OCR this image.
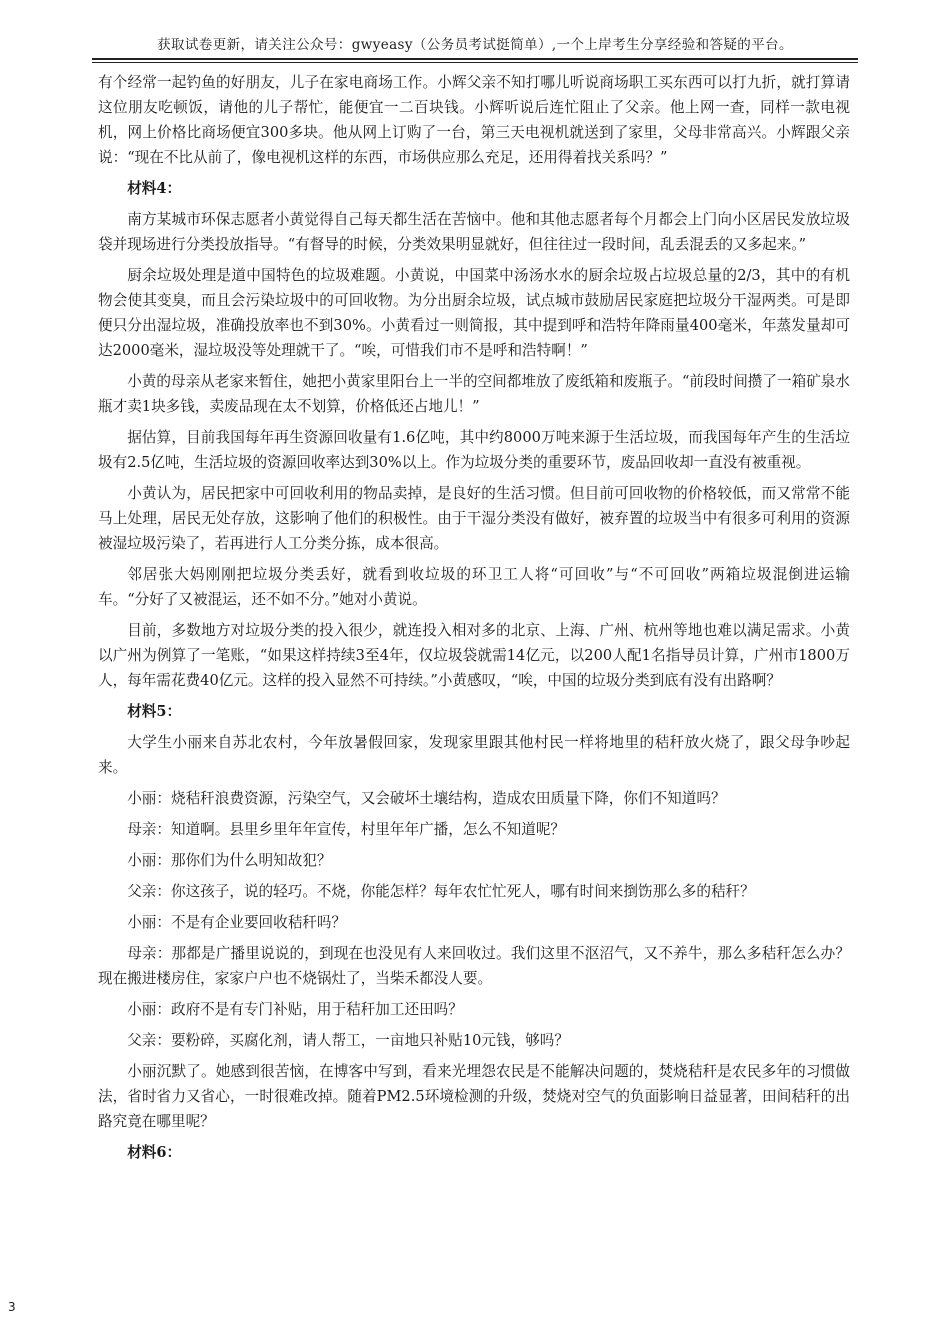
获取试卷更新，请关注公众号：gwyeasy（公务员考试挺简单）,一个上岸考生分享经验和答疑的平台。

有个经常一起钓鱼的好朋友，儿子在家电商场工作。小辉父亲不知打哪儿听说商场职工买东西可以打九折，就打算请这位朋友吃顿饭，请他的儿子帮忙，能便宜一二百块钱。小辉听说后连忙阻止了父亲。他上网一查，同样一款电视机，网上价格比商场便宜300多块。他从网上订购了一台，第三天电视机就送到了家里，父母非常高兴。小辉跟父亲说：“现在不比从前了，像电视机这样的东西，市场供应那么充足，还用得着找关系吗？”

材料4：

南方某城市环保志愿者小黄觉得自己每天都生活在苦恼中。他和其他志愿者每个月都会上门向小区居民发放垃圾袋并现场进行分类投放指导。“有督导的时候，分类效果明显就好，但往往过一段时间，乱丢混丢的又多起来。”

厨余垃圾处理是道中国特色的垃圾难题。小黄说，中国菜中汤汤水水的厨余垃圾占垃圾总量的2/3，其中的有机物会使其变臭，而且会污染垃圾中的可回收物。为分出厨余垃圾，试点城市鼓励居民家庭把垃圾分干湿两类。可是即便只分出湿垃圾，准确投放率也不到30%。小黄看过一则简报，其中提到呼和浩特年降雨量400毫米，年蒸发量却可达2000毫米，湿垃圾没等处理就干了。“唉，可惜我们市不是呼和浩特啊！”

小黄的母亲从老家来暂住，她把小黄家里阳台上一半的空间都堆放了废纸箱和废瓶子。“前段时间攒了一箱矿泉水瓶才卖1块多钱，卖废品现在太不划算，价格低还占地儿！”

据估算，目前我国每年再生资源回收量有1.6亿吨，其中约8000万吨来源于生活垃圾，而我国每年产生的生活垃圾有2.5亿吨，生活垃圾的资源回收率达到30%以上。作为垃圾分类的重要环节，废品回收却一直没有被重视。

小黄认为，居民把家中可回收利用的物品卖掉，是良好的生活习惯。但目前可回收物的价格较低，而又常常不能马上处理，居民无处存放，这影响了他们的积极性。由于干湿分类没有做好，被弃置的垃圾当中有很多可利用的资源被湿垃圾污染了，若再进行人工分类分拣，成本很高。

邻居张大妈刚刚把垃圾分类丢好，就看到收垃圾的环卫工人将“可回收”与“不可回收”两箱垃圾混倒进运输车。“分好了又被混运，还不如不分。”她对小黄说。

目前，多数地方对垃圾分类的投入很少，就连投入相对多的北京、上海、广州、杭州等地也难以满足需求。小黄以广州为例算了一笔账，“如果这样持续3至4年，仅垃圾袋就需14亿元，以200人配1名指导员计算，广州市1800万人，每年需花费40亿元。这样的投入显然不可持续。”小黄感叹，“唉，中国的垃圾分类到底有没有出路啊？

材料5：

大学生小丽来自苏北农村，今年放暑假回家，发现家里跟其他村民一样将地里的秸秆放火烧了，跟父母争吵起来。

小丽：烧秸秆浪费资源，污染空气，又会破坏土壤结构，造成农田质量下降，你们不知道吗？

母亲：知道啊。县里乡里年年宣传，村里年年广播，怎么不知道呢？

小丽：那你们为什么明知故犯？

父亲：你这孩子，说的轻巧。不烧，你能怎样？每年农忙忙死人，哪有时间来捯饬那么多的秸秆？

小丽：不是有企业要回收秸秆吗？

母亲：那都是广播里说说的，到现在也没见有人来回收过。我们这里不沤沼气，又不养牛，那么多秸秆怎么办？现在搬进楼房住，家家户户也不烧锅灶了，当柴禾都没人要。

小丽：政府不是有专门补贴，用于秸秆加工还田吗？

父亲：要粉碎，买腐化剂，请人帮工，一亩地只补贴10元钱，够吗？

小丽沉默了。她感到很苦恼，在博客中写到，看来光埋怨农民是不能解决问题的，焚烧秸秆是农民多年的习惯做法，省时省力又省心，一时很难改掉。随着PM2.5环境检测的升级，焚烧对空气的负面影响日益显著，田间秸秆的出路究竟在哪里呢？

材料6：

3
